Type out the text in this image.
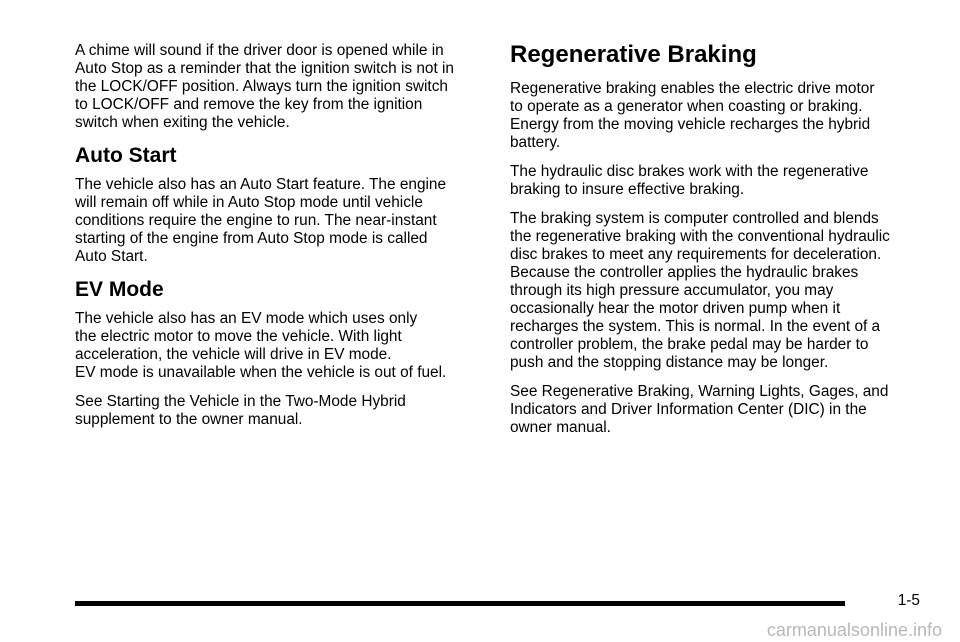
A chime will sound if the driver door is opened while in
Auto Stop as a reminder that the ignition switch is not in
the LOCK/OFF position. Always turn the ignition switch
to LOCK/OFF and remove the key from the ignition
switch when exiting the vehicle.

Auto Start

The vehicle also has an Auto Start feature. The engine
will remain off while in Auto Stop mode until vehicle
conditions require the engine to run. The near-instant
starting of the engine from Auto Stop mode is called
Auto Start.

EV Mode

The vehicle also has an EV mode which uses only
the electric motor to move the vehicle. With light
acceleration, the vehicle will drive in EV mode.
EV mode is unavailable when the vehicle is out of fuel.

See Starting the Vehicle in the Two-Mode Hybrid
supplement to the owner manual.

Regenerative Braking

Regenerative braking enables the electric drive motor
to operate as a generator when coasting or braking.
Energy from the moving vehicle recharges the hybrid
battery.

The hydraulic disc brakes work with the regenerative
braking to insure effective braking.

The braking system is computer controlled and blends
the regenerative braking with the conventional hydraulic
disc brakes to meet any requirements for deceleration.
Because the controller applies the hydraulic brakes
through its high pressure accumulator, you may
occasionally hear the motor driven pump when it
recharges the system. This is normal. In the event of a
controller problem, the brake pedal may be harder to
push and the stopping distance may be longer.

See Regenerative Braking, Warning Lights, Gages, and
Indicators and Driver Information Center (DIC) in the
owner manual.

1-5
carmanualsonline.info
